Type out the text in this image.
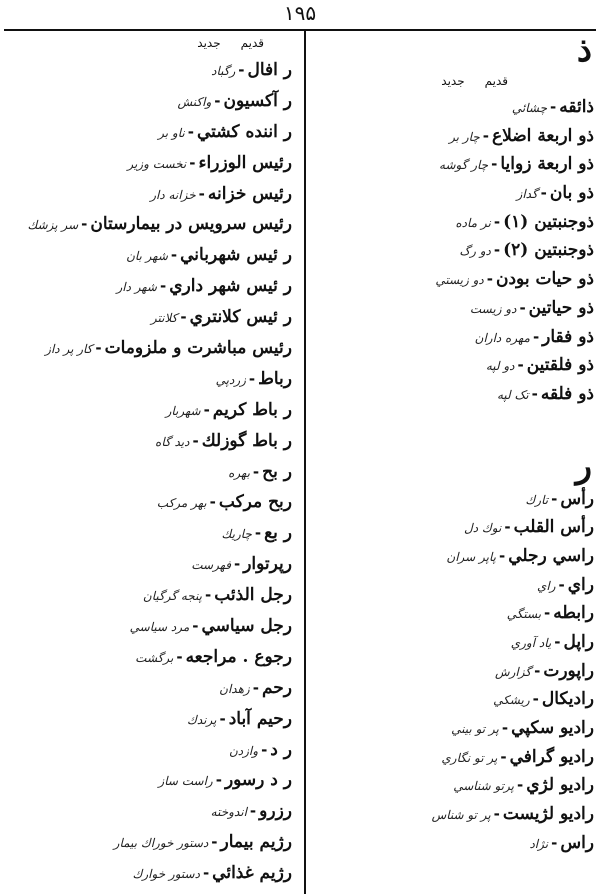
۱۹۵
ذ
قديم
جديد
ذائقه-چشائي
ذو اربعة اضلاع-چار بر
ذو اربعة زوايا-چار گوشه
ذو بان-گداز
ذوجنبتين (۱)-نر ماده
ذوجنبتين (۲)-دو رگ
ذو حيات بودن-دو زيستي
ذو حياتين-دو زيست
ذو فقار-مهره داران
ذو فلقتين-دو لپه
ذو فلقه-تک لپه
ر
رأس-تارك
رأس القلب-نوك دل
راسي رجلي-پاپر سران
راي-راي
رابطه-بستگي
راپل-ياد آوري
راپورت-گزارش
راديكال-ريشكي
راديو سكپي-پر تو بيني
راديو گرافي-پر تو نگاري
راديو لژي-پرتو شناسي
راديو لژيست-پر تو شناس
راس-نژاد
قديم
جديد
ر افال-رگباد
ر آكسيون-واكنش
ر اننده كشتي-ناو بر
رئيس الوزراء-نخست وزير
رئيس خزانه-خزانه دار
رئيس سرويس در بيمارستان-سر پزشك
ر ئيس شهرباني-شهر بان
ر ئيس شهر داري-شهر دار
ر ئيس كلانتري-كلانتر
رئيس مباشرت و ملزومات-كار پر داز
رباط-زردپي
ر باط كريم-شهربار
ر باط گوزلك-ديد گاه
ر بح-بهره
ربح مركب-بهر مركب
ر بع-چاريك
رپرتوار-فهرست
رجل الذئب-پنجه گرگيان
رجل سياسي-مرد سياسي
رجوع . مراجعه-برگشت
رحم-زهدان
رحيم آباد-پرندك
ر د-وازدن
ر د رسور-راست ساز
رزرو-اندوخته
رژيم بيمار-دستور خوراك بيمار
رژيم غذائي-دستور خوارك
